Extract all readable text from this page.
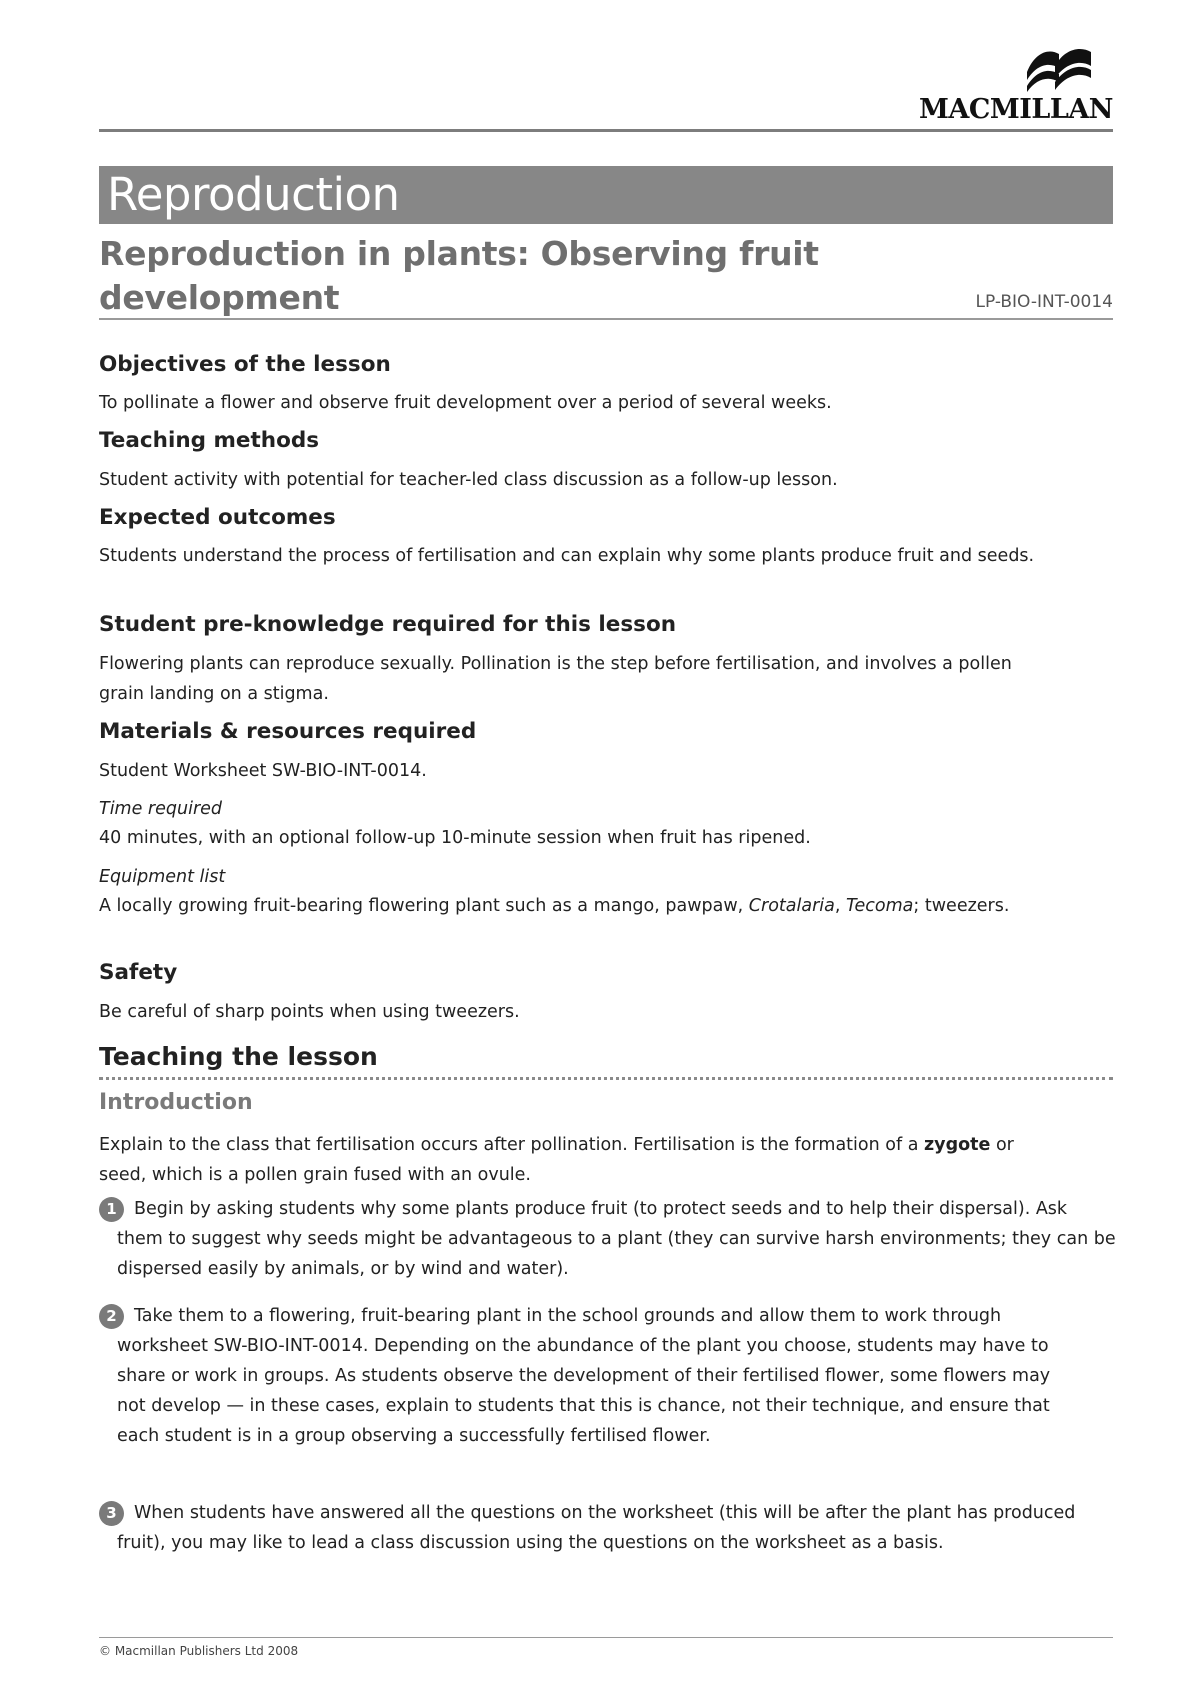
MACMILLAN
Reproduction
Reproduction in plants: Observing fruit development	LP-BIO-INT-0014
Objectives of the lesson
To pollinate a flower and observe fruit development over a period of several weeks.
Teaching methods
Student activity with potential for teacher-led class discussion as a follow-up lesson.
Expected outcomes
Students understand the process of fertilisation and can explain why some plants produce fruit and seeds.
Student pre-knowledge required for this lesson
Flowering plants can reproduce sexually. Pollination is the step before fertilisation, and involves a pollen grain landing on a stigma.
Materials & resources required
Student Worksheet SW-BIO-INT-0014.
Time required
40 minutes, with an optional follow-up 10-minute session when fruit has ripened.
Equipment list
A locally growing fruit-bearing flowering plant such as a mango, pawpaw, Crotalaria, Tecoma; tweezers.
Safety
Be careful of sharp points when using tweezers.
Teaching the lesson
Introduction
Explain to the class that fertilisation occurs after pollination. Fertilisation is the formation of a zygote or seed, which is a pollen grain fused with an ovule.
1 Begin by asking students why some plants produce fruit (to protect seeds and to help their dispersal). Ask them to suggest why seeds might be advantageous to a plant (they can survive harsh environments; they can be dispersed easily by animals, or by wind and water).
2 Take them to a flowering, fruit-bearing plant in the school grounds and allow them to work through worksheet SW-BIO-INT-0014. Depending on the abundance of the plant you choose, students may have to share or work in groups. As students observe the development of their fertilised flower, some flowers may not develop — in these cases, explain to students that this is chance, not their technique, and ensure that each student is in a group observing a successfully fertilised flower.
3 When students have answered all the questions on the worksheet (this will be after the plant has produced fruit), you may like to lead a class discussion using the questions on the worksheet as a basis.
© Macmillan Publishers Ltd 2008
